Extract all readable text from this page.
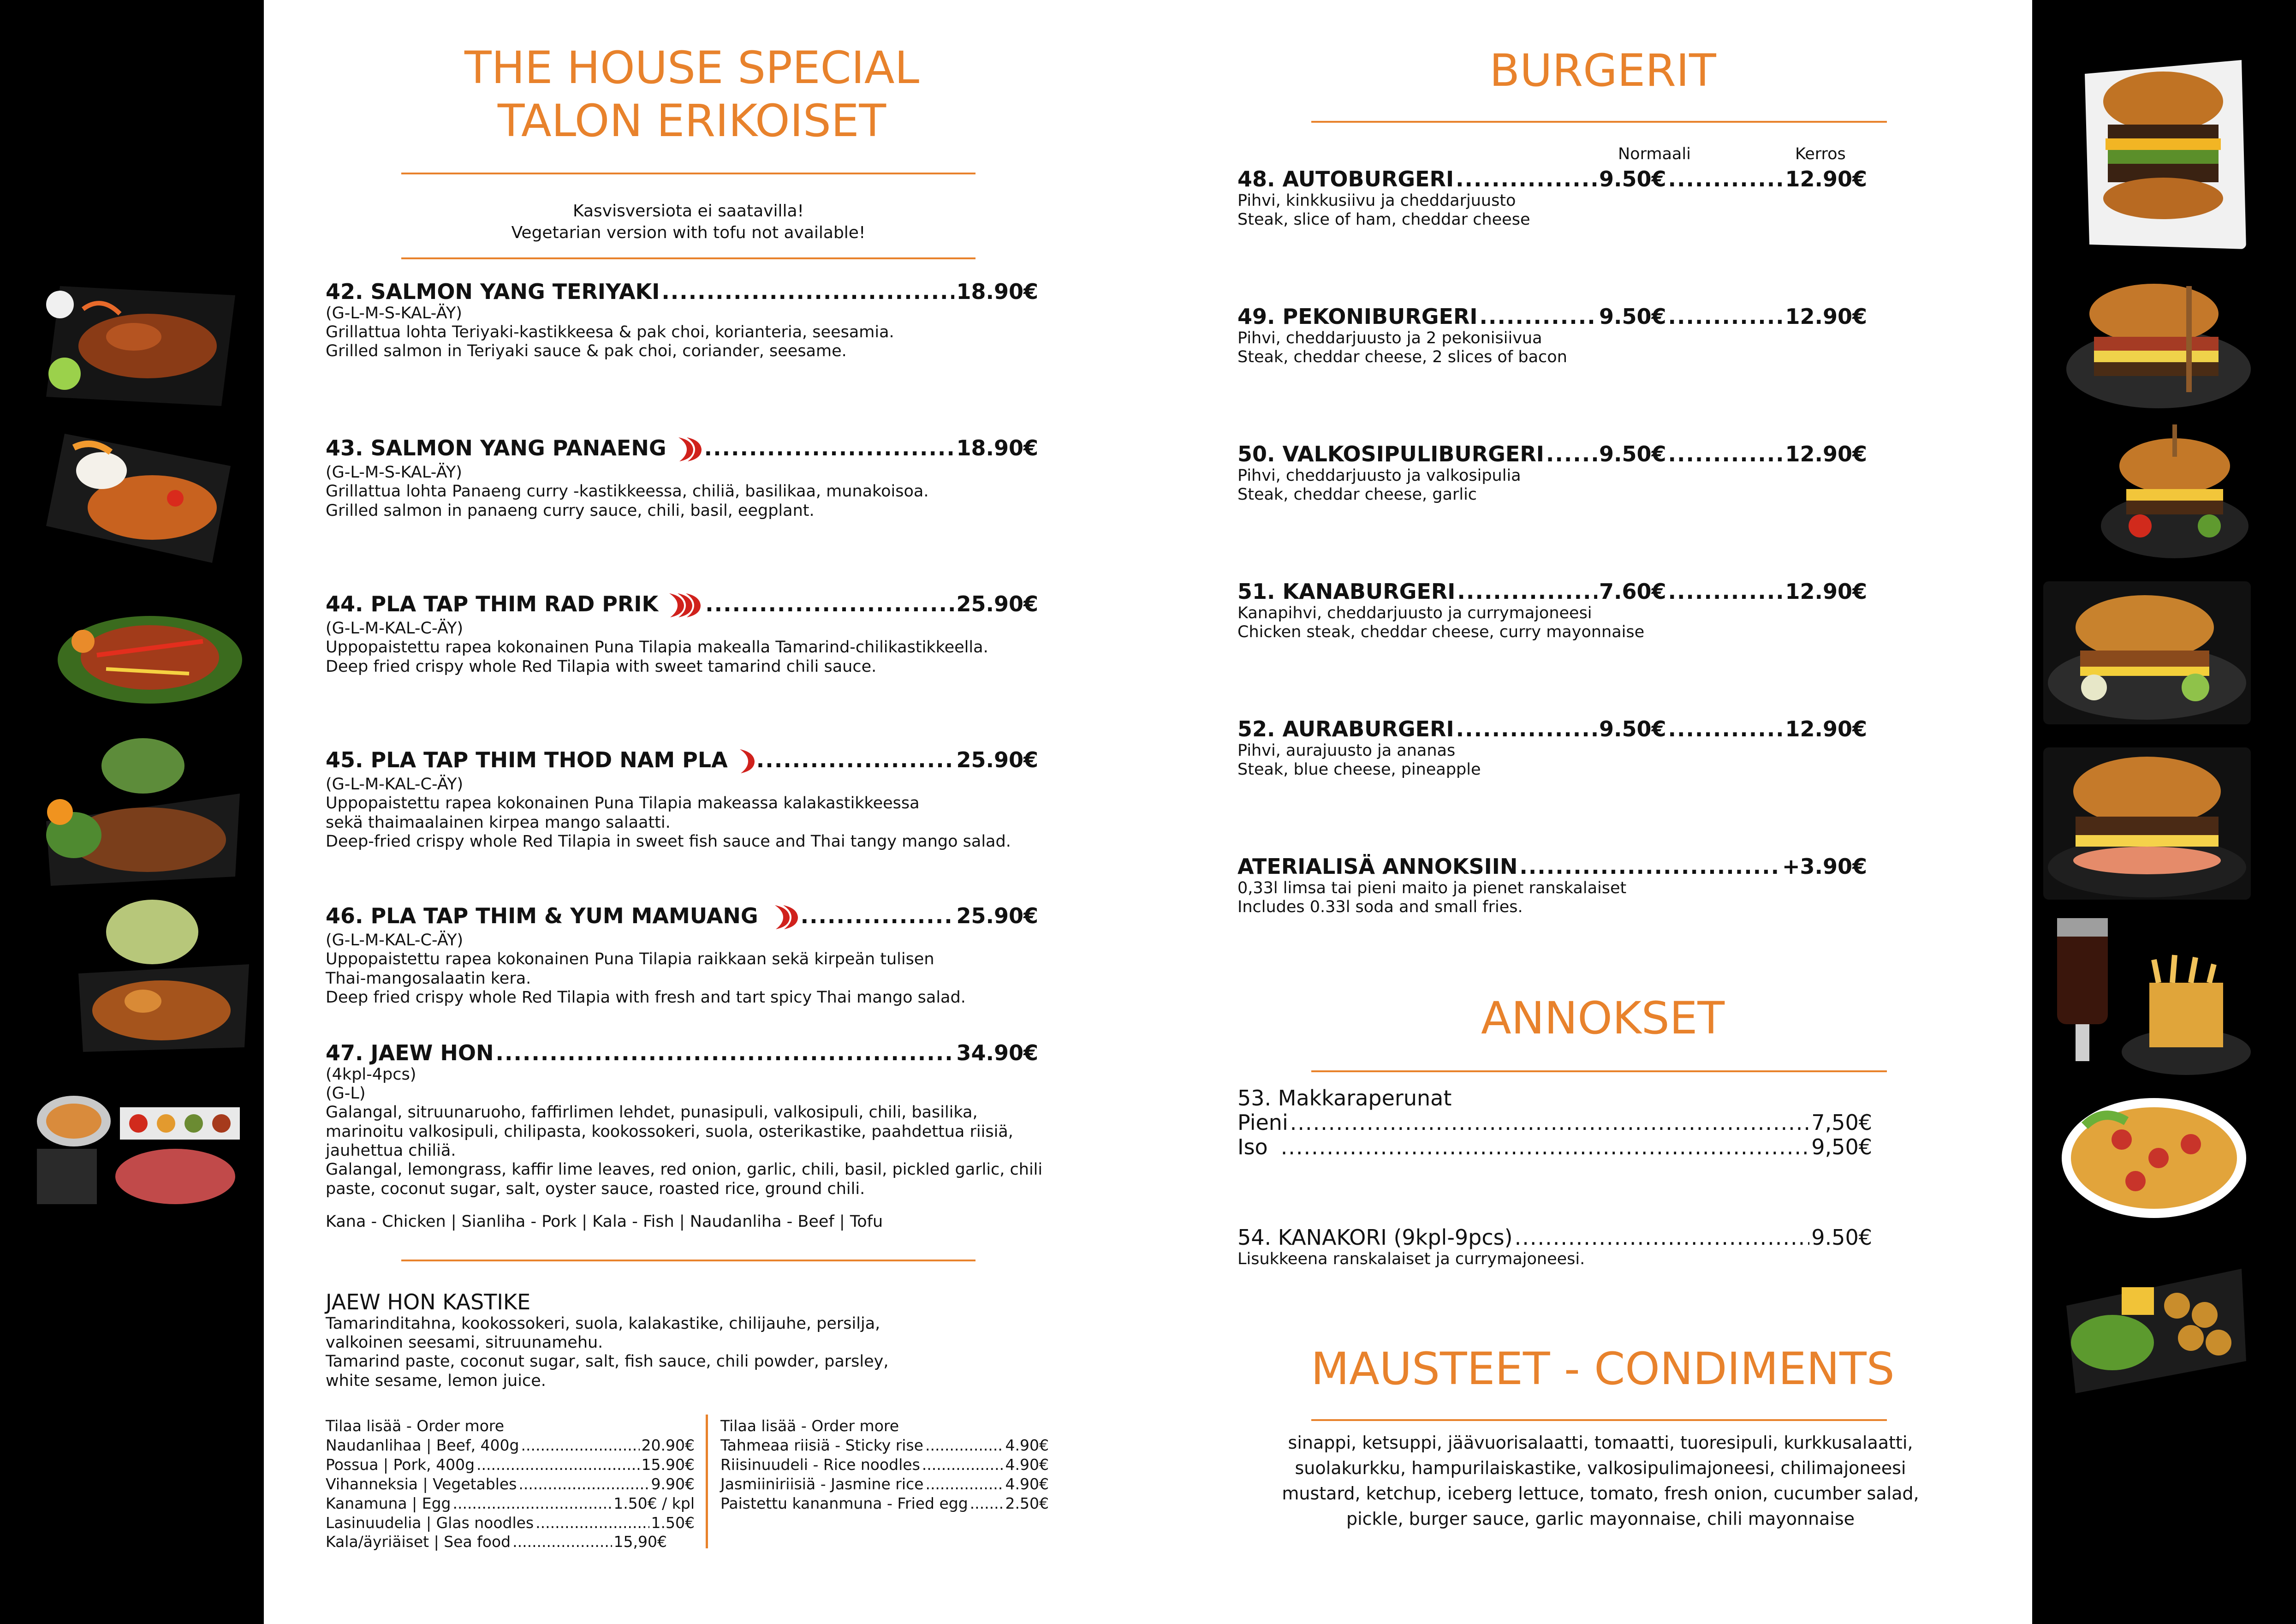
THE HOUSE SPECIAL
TALON ERIKOISET
Kasvisversiota ei saatavilla!
Vegetarian version with tofu not available!
42. SALMON YANG TERIYAKI .....	18.90€
(G-L-M-S-KAL-ÄY)
Grillattua lohta Teriyaki-kastikkeesa & pak choi, korianteria, seesamia.
Grilled salmon in Teriyaki sauce & pak choi, coriander, seesame.
43. SALMON YANG PANAENG .....	18.90€
(G-L-M-S-KAL-ÄY)
Grillattua lohta Panaeng curry -kastikkeessa, chiliä, basilikaa, munakoisoa.
Grilled salmon in panaeng curry sauce, chili, basil, eegplant.
44. PLA TAP THIM RAD PRIK .....	25.90€
(G-L-M-KAL-C-ÄY)
Uppopaistettu rapea kokonainen Puna Tilapia makealla Tamarind-chilikastikkeella.
Deep fried crispy whole Red Tilapia with sweet tamarind chili sauce.
45. PLA TAP THIM THOD NAM PLA .....	25.90€
(G-L-M-KAL-C-ÄY)
Uppopaistettu rapea kokonainen Puna Tilapia makeassa kalakastikkeessa
sekä thaimaalainen kirpea mango salaatti.
Deep-fried crispy whole Red Tilapia in sweet fish sauce and Thai tangy mango salad.
46. PLA TAP THIM & YUM MAMUANG .....	25.90€
(G-L-M-KAL-C-ÄY)
Uppopaistettu rapea kokonainen Puna Tilapia raikkaan sekä kirpeän tulisen
Thai-mangosalaatin kera.
Deep fried crispy whole Red Tilapia with fresh and tart spicy Thai mango salad.
47. JAEW HON .....	34.90€
(4kpl-4pcs)
(G-L)
Galangal, sitruunaruoho, faffirlimen lehdet, punasipuli, valkosipuli, chili, basilika,
marinoitu valkosipuli, chilipasta, kookossokeri, suola, osterikastike, paahdettua riisiä,
jauhettua chiliä.
Galangal, lemongrass, kaffir lime leaves, red onion, garlic, chili, basil, pickled garlic, chili
paste, coconut sugar, salt, oyster sauce, roasted rice, ground chili.
Kana - Chicken | Sianliha - Pork | Kala - Fish | Naudanliha - Beef | Tofu
JAEW HON KASTIKE
Tamarinditahna, kookossokeri, suola, kalakastike, chilijauhe, persilja,
valkoinen seesami, sitruunamehu.
Tamarind paste, coconut sugar, salt, fish sauce, chili powder, parsley,
white sesame, lemon juice.
Tilaa lisää - Order more
Naudanlihaa | Beef, 400g .....	20.90€
Possua | Pork, 400g .....	15.90€
Vihanneksia | Vegetables .....	9.90€
Kanamuna | Egg .....	1.50€ / kpl
Lasinuudelia | Glas noodles .....	1.50€
Kala/äyriäiset | Sea food .....	15,90€
Tilaa lisää - Order more
Tahmeaa riisiä - Sticky rise .....	4.90€
Riisinuudeli - Rice noodles .....	4.90€
Jasmiiniriisiä - Jasmine rice .....	4.90€
Paistettu kananmuna - Fried egg ..... 2.50€
BURGERIT
Normaali	Kerros
48. AUTOBURGERI .....	9.50€ .....	12.90€
Pihvi, kinkkusiivu ja cheddarjuusto
Steak, slice of ham, cheddar cheese
49. PEKONIBURGERI .....	9.50€ .....	12.90€
Pihvi, cheddarjuusto ja 2 pekonisiivua
Steak, cheddar cheese, 2 slices of bacon
50. VALKOSIPULIBURGERI .....	9.50€ .....	12.90€
Pihvi, cheddarjuusto ja valkosipulia
Steak, cheddar cheese, garlic
51. KANABURGERI .....	7.60€ .....	12.90€
Kanapihvi, cheddarjuusto ja currymajoneesi
Chicken steak, cheddar cheese, curry mayonnaise
52. AURABURGERI .....	9.50€ .....	12.90€
Pihvi, aurajuusto ja ananas
Steak, blue cheese, pineapple
ATERIALISÄ ANNOKSIIN .....	+3.90€
0,33l limsa tai pieni maito ja pienet ranskalaiset
Includes 0.33l soda and small fries.
ANNOKSET
53. Makkaraperunat
Pieni .....	7,50€
Iso .....	9,50€
54. KANAKORI (9kpl-9pcs) .....	9.50€
Lisukkeena ranskalaiset ja currymajoneesi.
MAUSTEET - CONDIMENTS
sinappi, ketsuppi, jäävuorisalaatti, tomaatti, tuoresipuli, kurkkusalaatti,
suolakurkku, hampurilaiskastike, valkosipulimajoneesi, chilimajoneesi
mustard, ketchup, iceberg lettuce, tomato, fresh onion, cucumber salad,
pickle, burger sauce, garlic mayonnaise, chili mayonnaise
